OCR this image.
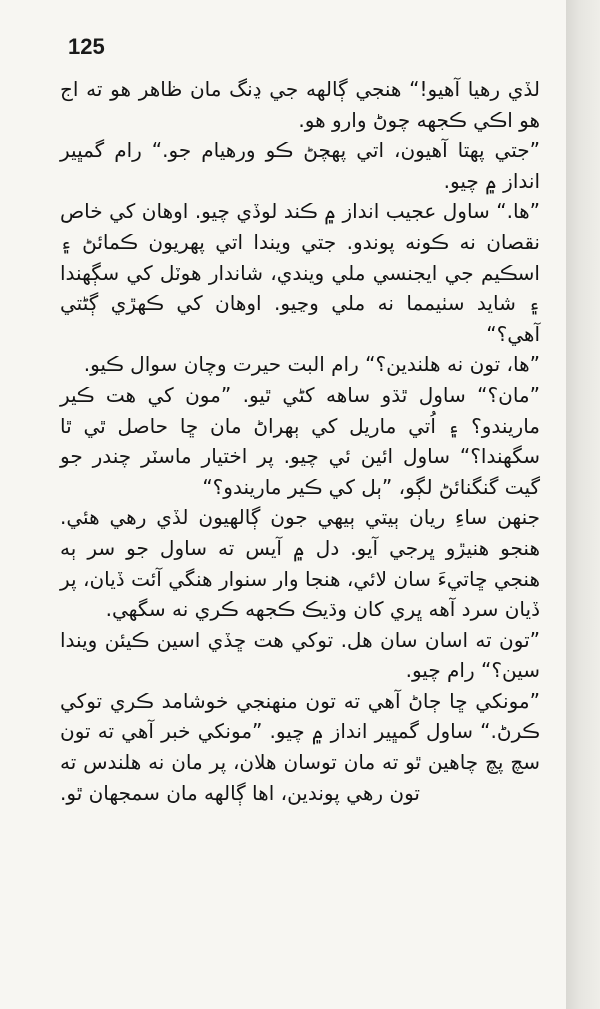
125

لڏي رهيا آهيو!“ هنجي ڳالهه جي ڍنگ مان ظاهر هو ته اج هو اڪي ڪجهه چوڻ وارو هو.

”جتي پهتا آهيون، اتي پهچڻ ڪو ورهيام جو.“ رام گمڀير انداز ۾ چيو.

”ها.“ ساول عجيب انداز ۾ ڪند لوڏي چيو. اوهان کي خاص نقصان نه ڪونه پوندو. جتي ويندا اتي پهريون ڪمائڻ ۽ اسڪيم جي ايجنسي ملي ويندي، شاندار هوٽل کي سڳهندا ۽ شايد سٺيمما نه ملي وڃيو. اوهان کي ڪهڙي ڳڻتي آهي؟“

”ها، تون نه هلندين؟“ رام البت حيرت وچان سوال ڪيو.

”مان؟“ ساول ٿڌو ساهه کڻي ٿيو. ”مون کي هت ڪير ماريندو؟ ۽ اُتي ماريل کي ٻهراڻ مان ڇا حاصل ٿي ٿا سگهندا؟“ ساول ائين ئي چيو. پر اختيار ماسٽر چندر جو گيت گنگنائڻ لڳو، ”ٻل کي ڪير ماريندو؟“

جنهن ساءِ ريان ٻيتي ٻيهي جون ڳالهيون لڏي رهي هئي. هنجو هنيڙو ڀرجي آيو. دل ۾ آيس ته ساول جو سر ٻه هنجي ڇاتيءَ سان لائي، هنجا وار سنوار هنگي آئت ڏيان، پر ڏيان سرد آهه ڀري کان وڌيڪ ڪجهه ڪري نه سگهي.

”تون ته اسان سان هل. توکي هت ڇڏي اسين ڪيئن ويندا سين؟“ رام چيو.

”مونکي ڇا ڄاڻ آهي ته تون منهنجي خوشامد ڪري توکي ڪرڻ.“ ساول گمڀير انداز ۾ چيو. ”مونکي خبر آهي ته تون سچ پچ چاهين ٿو ته مان توسان هلان، پر مان نه هلندس ته تون رهي پوندين، اها ڳالهه مان سمجهان ٿو.
